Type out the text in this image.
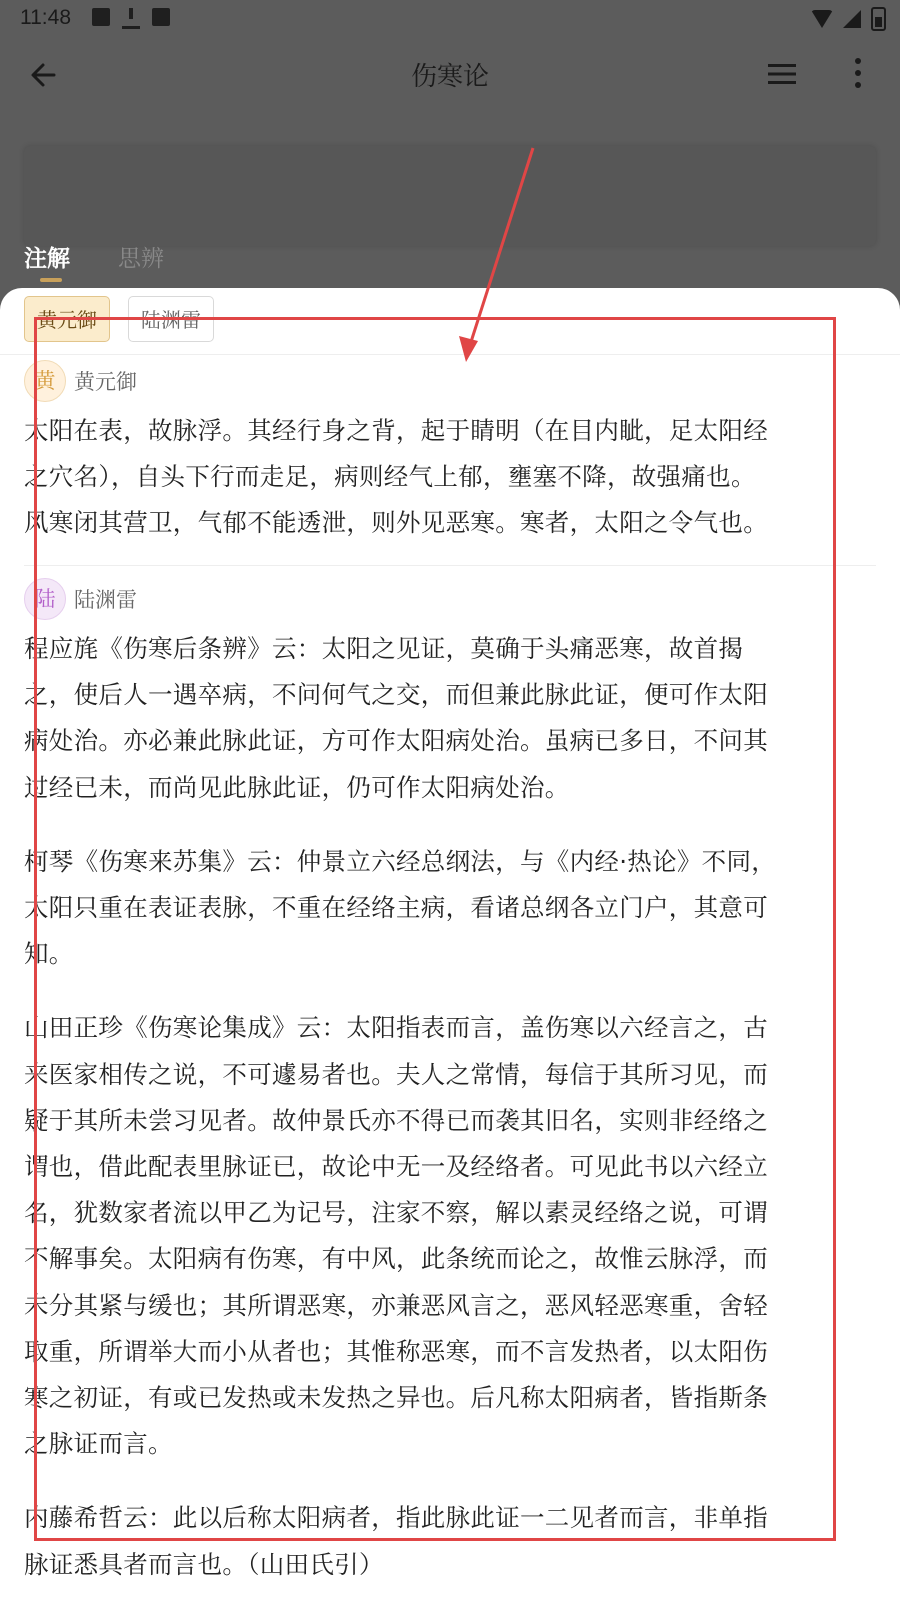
11:48
伤寒论
注解 思辨
黄元御	陆渊雷
黄 黄元御

太阳在表，故脉浮。其经行身之背，起于睛明（在目内眦，足太阳经

之穴名），自头下行而走足，病则经气上郁，壅塞不降，故强痛也。

风寒闭其营卫，气郁不能透泄，则外见恶寒。寒者，太阳之令气也。

陆 陆渊雷

程应旄《伤寒后条辨》云：太阳之见证，莫确于头痛恶寒，故首揭

之，使后人一遇卒病，不问何气之交，而但兼此脉此证，便可作太阳

病处治。亦必兼此脉此证，方可作太阳病处治。虽病已多日，不问其

过经已未，而尚见此脉此证，仍可作太阳病处治。

柯琴《伤寒来苏集》云：仲景立六经总纲法，与《内经·热论》不同，

太阳只重在表证表脉，不重在经络主病，看诸总纲各立门户，其意可

知。

山田正珍《伤寒论集成》云：太阳指表而言，盖伤寒以六经言之，古

来医家相传之说，不可遽易者也。夫人之常情，每信于其所习见，而

疑于其所未尝习见者。故仲景氏亦不得已而袭其旧名，实则非经络之

谓也，借此配表里脉证已，故论中无一及经络者。可见此书以六经立

名，犹数家者流以甲乙为记号，注家不察，解以素灵经络之说，可谓

不解事矣。太阳病有伤寒，有中风，此条统而论之，故惟云脉浮，而

未分其紧与缓也；其所谓恶寒，亦兼恶风言之，恶风轻恶寒重，舍轻

取重，所谓举大而小从者也；其惟称恶寒，而不言发热者，以太阳伤

寒之初证，有或已发热或未发热之异也。后凡称太阳病者，皆指斯条

之脉证而言。

内藤希哲云：此以后称太阳病者，指此脉此证一二见者而言，非单指

脉证悉具者而言也。（山田氏引）
